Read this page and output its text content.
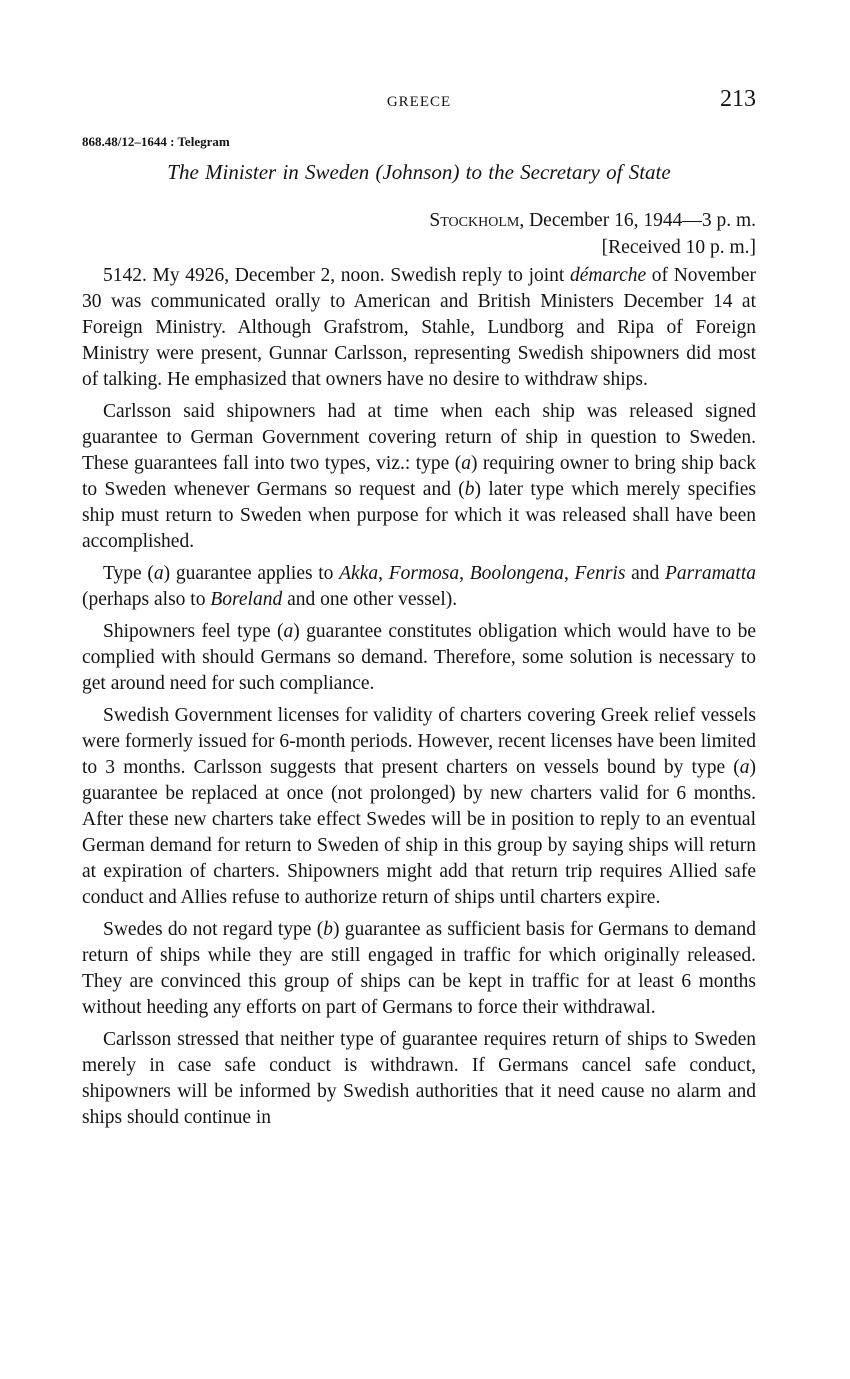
GREECE	213
868.48/12–1644 : Telegram
The Minister in Sweden (Johnson) to the Secretary of State
Stockholm, December 16, 1944—3 p. m.
[Received 10 p. m.]

5142. My 4926, December 2, noon. Swedish reply to joint démarche of November 30 was communicated orally to American and British Ministers December 14 at Foreign Ministry. Although Grafstrom, Stahle, Lundborg and Ripa of Foreign Ministry were present, Gunnar Carlsson, representing Swedish shipowners did most of talking. He emphasized that owners have no desire to withdraw ships.

Carlsson said shipowners had at time when each ship was released signed guarantee to German Government covering return of ship in question to Sweden. These guarantees fall into two types, viz.: type (a) requiring owner to bring ship back to Sweden whenever Germans so request and (b) later type which merely specifies ship must return to Sweden when purpose for which it was released shall have been accomplished.

Type (a) guarantee applies to Akka, Formosa, Boolongena, Fenris and Parramatta (perhaps also to Boreland and one other vessel).

Shipowners feel type (a) guarantee constitutes obligation which would have to be complied with should Germans so demand. Therefore, some solution is necessary to get around need for such compliance.

Swedish Government licenses for validity of charters covering Greek relief vessels were formerly issued for 6-month periods. However, recent licenses have been limited to 3 months. Carlsson suggests that present charters on vessels bound by type (a) guarantee be replaced at once (not prolonged) by new charters valid for 6 months. After these new charters take effect Swedes will be in position to reply to an eventual German demand for return to Sweden of ship in this group by saying ships will return at expiration of charters. Shipowners might add that return trip requires Allied safe conduct and Allies refuse to authorize return of ships until charters expire.

Swedes do not regard type (b) guarantee as sufficient basis for Germans to demand return of ships while they are still engaged in traffic for which originally released. They are convinced this group of ships can be kept in traffic for at least 6 months without heeding any efforts on part of Germans to force their withdrawal.

Carlsson stressed that neither type of guarantee requires return of ships to Sweden merely in case safe conduct is withdrawn. If Germans cancel safe conduct, shipowners will be informed by Swedish authorities that it need cause no alarm and ships should continue in
